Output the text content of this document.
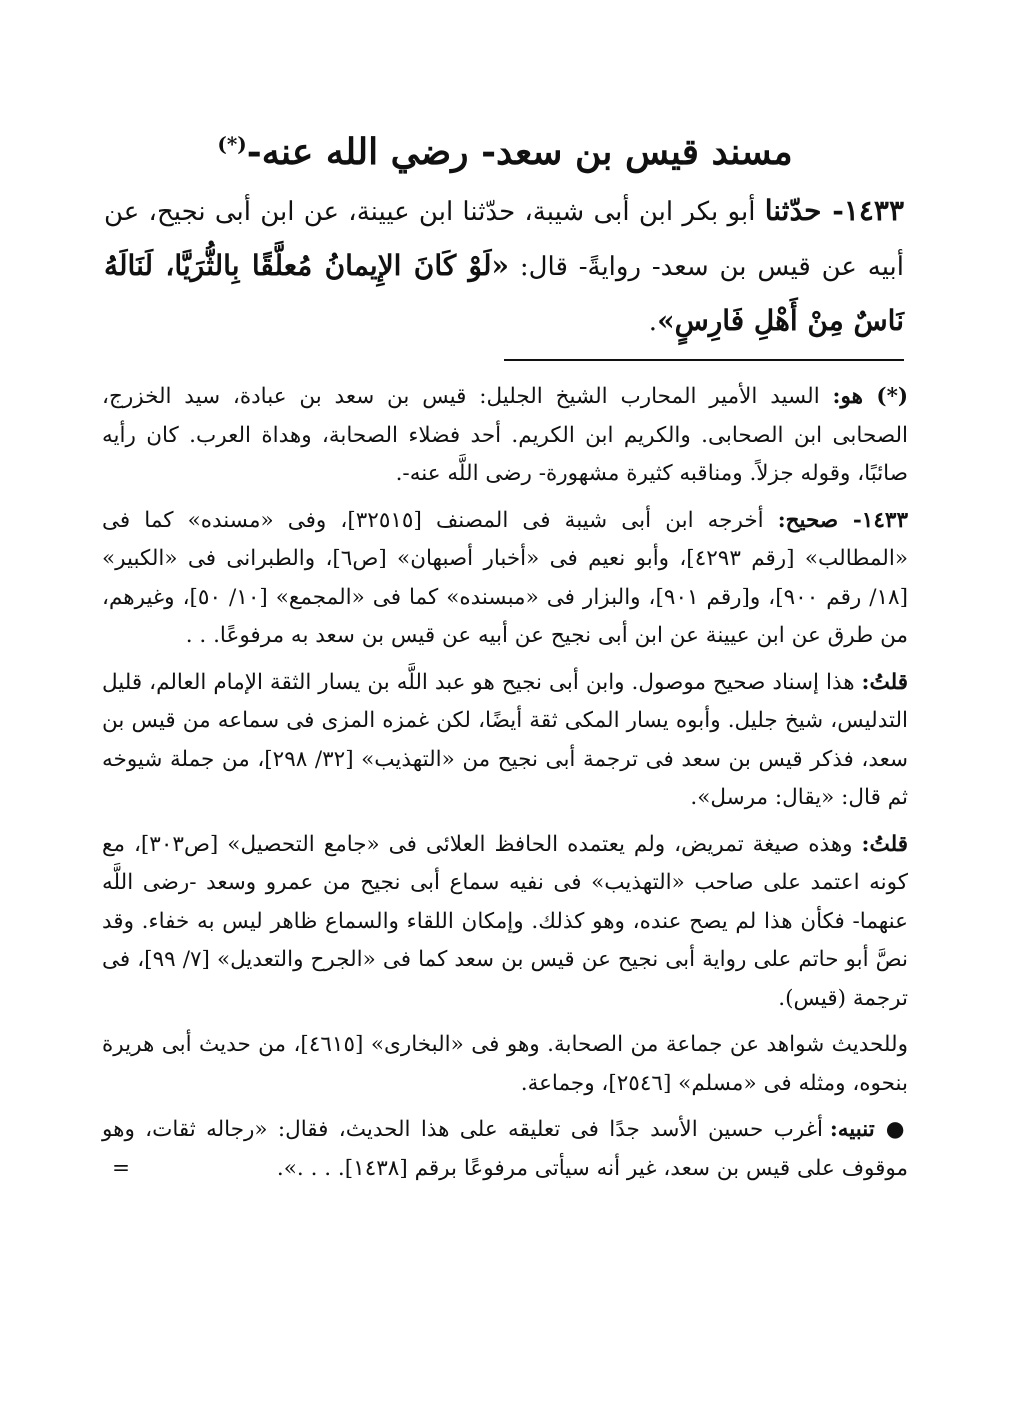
مسند قيس بن سعد- رضي الله عنه-(*)

١٤٣٣- حدّثنا أبو بكر ابن أبى شيبة، حدّثنا ابن عيينة، عن ابن أبى نجيح، عن أبيه عن قيس بن سعد- روايةً- قال: «لَوْ كَانَ الإِيمانُ مُعلَّقًا بِالثُّرَيَّا، لَنَالَهُ نَاسٌ مِنْ أَهْلِ فَارِسٍ».

(*) هو: السيد الأمير المحارب الشيخ الجليل: قيس بن سعد بن عبادة، سيد الخزرج، الصحابى ابن الصحابى. والكريم ابن الكريم. أحد فضلاء الصحابة، وهداة العرب. كان رأيه صائبًا، وقوله جزلاً. ومناقبه كثيرة مشهورة- رضى اللَّه عنه-.

١٤٣٣- صحيح: أخرجه ابن أبى شيبة فى المصنف [٣٢٥١٥]، وفى «مسنده» كما فى «المطالب» [رقم ٤٢٩٣]، وأبو نعيم فى «أخبار أصبهان» [ص٦]، والطبرانى فى «الكبير» [١٨/ رقم ٩٠٠]، و[رقم ٩٠١]، والبزار فى «مبسنده» كما فى «المجمع» [١٠/ ٥٠]، وغيرهم، من طرق عن ابن عيينة عن ابن أبى نجيح عن أبيه عن قيس بن سعد به مرفوعًا. . .

قلتُ: هذا إسناد صحيح موصول. وابن أبى نجيح هو عبد اللَّه بن يسار الثقة الإمام العالم، قليل التدليس، شيخ جليل. وأبوه يسار المكى ثقة أيضًا، لكن غمزه المزى فى سماعه من قيس بن سعد، فذكر قيس بن سعد فى ترجمة أبى نجيح من «التهذيب» [٣٢/ ٢٩٨]، من جملة شيوخه ثم قال: «يقال: مرسل».

قلتُ: وهذه صيغة تمريض، ولم يعتمده الحافظ العلائى فى «جامع التحصيل» [ص٣٠٣]، مع كونه اعتمد على صاحب «التهذيب» فى نفيه سماع أبى نجيح من عمرو وسعد -رضى اللَّه عنهما- فكأن هذا لم يصح عنده، وهو كذلك. وإمكان اللقاء والسماع ظاهر ليس به خفاء. وقد نصَّ أبو حاتم على رواية أبى نجيح عن قيس بن سعد كما فى «الجرح والتعديل» [٧/ ٩٩]، فى ترجمة (قيس).

وللحديث شواهد عن جماعة من الصحابة. وهو فى «البخارى» [٤٦١٥]، من حديث أبى هريرة بنحوه، ومثله فى «مسلم» [٢٥٤٦]، وجماعة.

● تنبيه: أغرب حسين الأسد جدًا فى تعليقه على هذا الحديث، فقال: «رجاله ثقات، وهو موقوف على قيس بن سعد، غير أنه سيأتى مرفوعًا برقم [١٤٣٨]. . . .».
=
